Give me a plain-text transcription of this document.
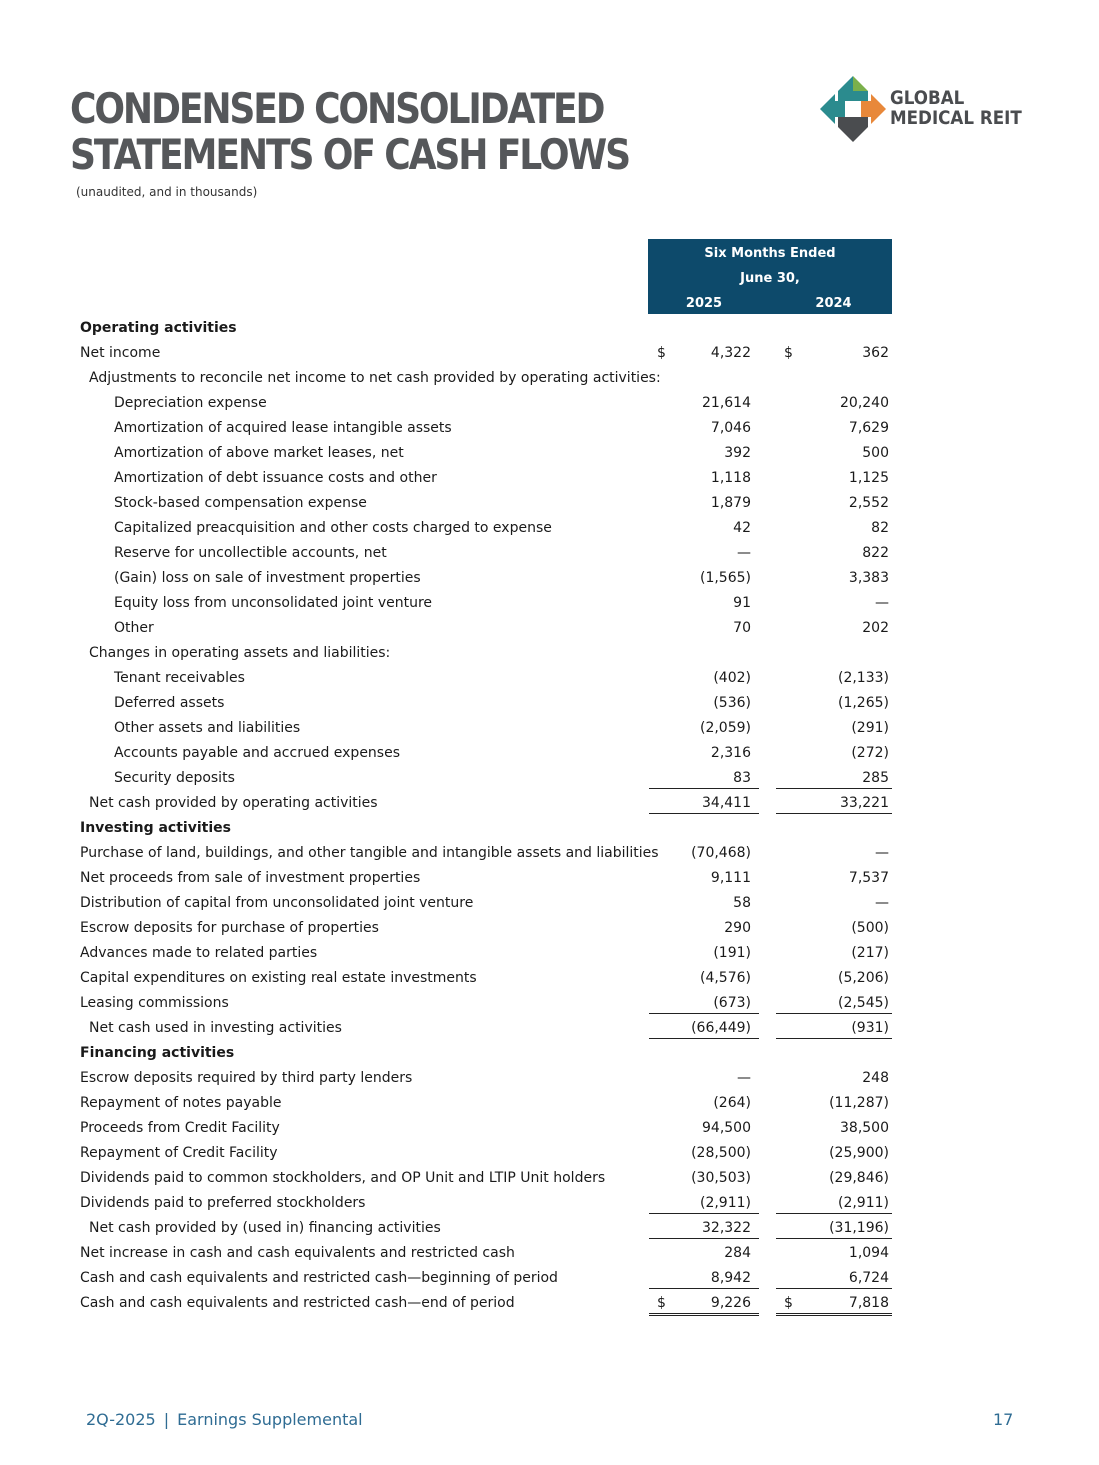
CONDENSED CONSOLIDATED
STATEMENTS OF CASH FLOWS
(unaudited, and in thousands)
GLOBAL
MEDICAL REIT
Six Months Ended
June 30,
2025	2024
Operating activities
Net income	$	4,322 $	362
Adjustments to reconcile net income to net cash provided by operating activities:
Depreciation expense	21,614	20,240
Amortization of acquired lease intangible assets	7,046	7,629
Amortization of above market leases, net	392	500
Amortization of debt issuance costs and other	1,118	1,125
Stock-based compensation expense	1,879	2,552
Capitalized preacquisition and other costs charged to expense	42	82
Reserve for uncollectible accounts, net	—	822
(Gain) loss on sale of investment properties	(1,565)	3,383
Equity loss from unconsolidated joint venture	91	—
Other	70	202
Changes in operating assets and liabilities:
Tenant receivables	(402)	(2,133)
Deferred assets	(536)	(1,265)
Other assets and liabilities	(2,059)	(291)
Accounts payable and accrued expenses	2,316	(272)
Security deposits	83	285
Net cash provided by operating activities	34,411	33,221
Investing activities
Purchase of land, buildings, and other tangible and intangible assets and liabilities (70,468)	—
Net proceeds from sale of investment properties	9,111	7,537
Distribution of capital from unconsolidated joint venture	58	—
Escrow deposits for purchase of properties	290	(500)
Advances made to related parties	(191)	(217)
Capital expenditures on existing real estate investments	(4,576)	(5,206)
Leasing commissions	(673)	(2,545)
Net cash used in investing activities	(66,449)	(931)
Financing activities
Escrow deposits required by third party lenders	—	248
Repayment of notes payable	(264)	(11,287)
Proceeds from Credit Facility	94,500	38,500
Repayment of Credit Facility	(28,500)	(25,900)
Dividends paid to common stockholders, and OP Unit and LTIP Unit holders	(30,503)	(29,846)
Dividends paid to preferred stockholders	(2,911)	(2,911)
Net cash provided by (used in) financing activities	32,322	(31,196)
Net increase in cash and cash equivalents and restricted cash	284	1,094
Cash and cash equivalents and restricted cash—beginning of period	8,942	6,724
Cash and cash equivalents and restricted cash—end of period	$	9,226 $	7,818
2Q-2025 | Earnings Supplemental	17
